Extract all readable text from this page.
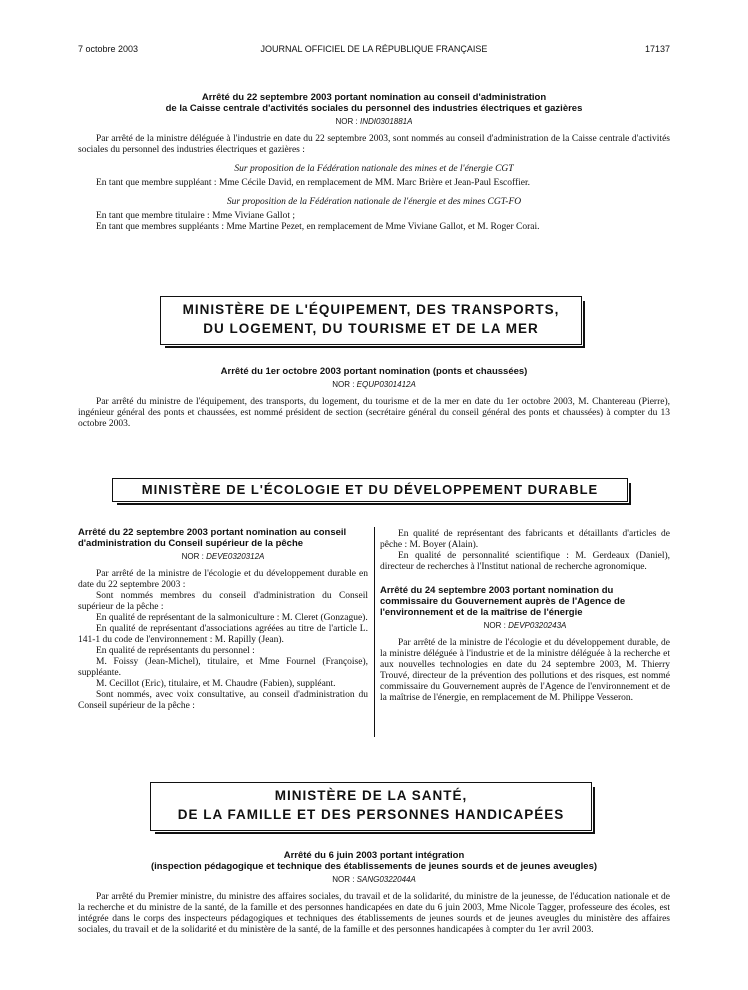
7 octobre 2003	JOURNAL OFFICIEL DE LA RÉPUBLIQUE FRANÇAISE	17137

Arrêté du 22 septembre 2003 portant nomination au conseil d'administration

de la Caisse centrale d'activités sociales du personnel des industries électriques et gazières

NOR : INDI0301881A

Par arrêté de la ministre déléguée à l'industrie en date du 22 septembre 2003, sont nommés au conseil d'administration de la Caisse centrale d'activités sociales du personnel des industries électriques et gazières :

Sur proposition de la Fédération nationale des mines et de l'énergie CGT

En tant que membre suppléant : Mme Cécile David, en remplacement de MM. Marc Brière et Jean-Paul Escoffier.

Sur proposition de la Fédération nationale de l'énergie et des mines CGT-FO

En tant que membre titulaire : Mme Viviane Gallot ;

En tant que membres suppléants : Mme Martine Pezet, en remplacement de Mme Viviane Gallot, et M. Roger Corai.

MINISTÈRE DE L'ÉQUIPEMENT, DES TRANSPORTS,
DU LOGEMENT, DU TOURISME ET DE LA MER

Arrêté du 1er octobre 2003 portant nomination (ponts et chaussées)

NOR : EQUP0301412A

Par arrêté du ministre de l'équipement, des transports, du logement, du tourisme et de la mer en date du 1er octobre 2003, M. Chantereau (Pierre), ingénieur général des ponts et chaussées, est nommé président de section (secrétaire général du conseil général des ponts et chaussées) à compter du 13 octobre 2003.

MINISTÈRE DE L'ÉCOLOGIE ET DU DÉVELOPPEMENT DURABLE

Arrêté du 22 septembre 2003 portant nomination au conseil d'administration du Conseil supérieur de la pêche

NOR : DEVE0320312A

Par arrêté de la ministre de l'écologie et du développement durable en date du 22 septembre 2003 :

Sont nommés membres du conseil d'administration du Conseil supérieur de la pêche :

En qualité de représentant de la salmoniculture : M. Cleret (Gonzague).

En qualité de représentant d'associations agréées au titre de l'article L. 141-1 du code de l'environnement : M. Rapilly (Jean).

En qualité de représentants du personnel :

M. Foissy (Jean-Michel), titulaire, et Mme Fournel (Françoise), suppléante.

M. Cecillot (Eric), titulaire, et M. Chaudre (Fabien), suppléant.

Sont nommés, avec voix consultative, au conseil d'administration du Conseil supérieur de la pêche :

En qualité de représentant des fabricants et détaillants d'articles de pêche : M. Boyer (Alain).

En qualité de personnalité scientifique : M. Gerdeaux (Daniel), directeur de recherches à l'Institut national de recherche agronomique.

Arrêté du 24 septembre 2003 portant nomination du commissaire du Gouvernement auprès de l'Agence de l'environnement et de la maîtrise de l'énergie

NOR : DEVP0320243A

Par arrêté de la ministre de l'écologie et du développement durable, de la ministre déléguée à l'industrie et de la ministre déléguée à la recherche et aux nouvelles technologies en date du 24 septembre 2003, M. Thierry Trouvé, directeur de la prévention des pollutions et des risques, est nommé commissaire du Gouvernement auprès de l'Agence de l'environnement et de la maîtrise de l'énergie, en remplacement de M. Philippe Vesseron.

MINISTÈRE DE LA SANTÉ,
DE LA FAMILLE ET DES PERSONNES HANDICAPÉES

Arrêté du 6 juin 2003 portant intégration

(inspection pédagogique et technique des établissements de jeunes sourds et de jeunes aveugles)

NOR : SANG0322044A

Par arrêté du Premier ministre, du ministre des affaires sociales, du travail et de la solidarité, du ministre de la jeunesse, de l'éducation nationale et de la recherche et du ministre de la santé, de la famille et des personnes handicapées en date du 6 juin 2003, Mme Nicole Tagger, professeure des écoles, est intégrée dans le corps des inspecteurs pédagogiques et techniques des établissements de jeunes sourds et de jeunes aveugles du ministère des affaires sociales, du travail et de la solidarité et du ministère de la santé, de la famille et des personnes handicapées à compter du 1er avril 2003.
